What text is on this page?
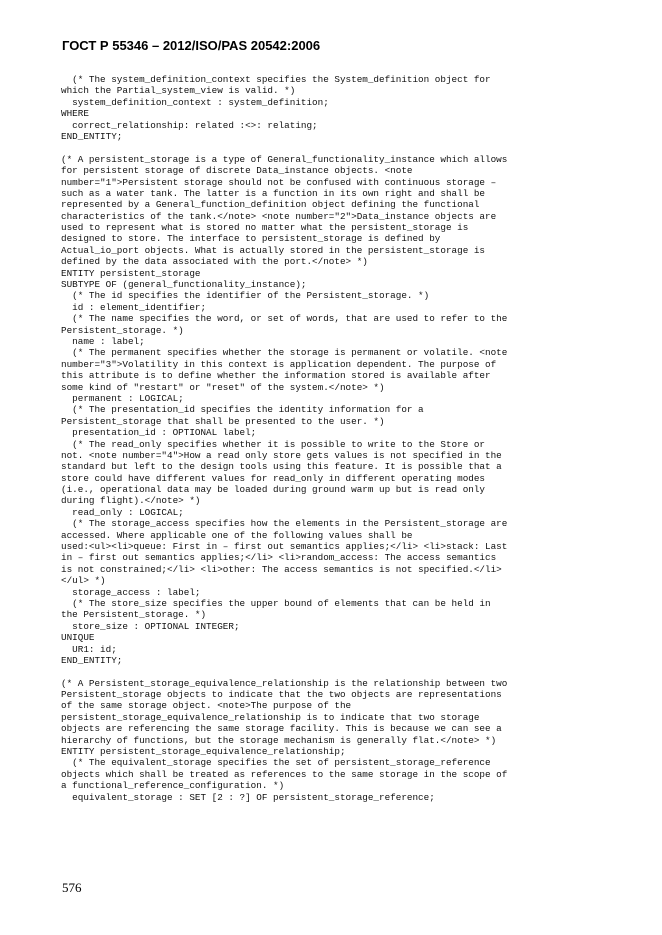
ГОСТ Р 55346 – 2012/ISO/PAS 20542:2006
(* The system_definition_context specifies the System_definition object for
which the Partial_system_view is valid. *)
system_definition_context : system_definition;
WHERE
correct_relationship: related :<>: relating;
END_ENTITY;
(* A persistent_storage is a type of General_functionality_instance which allows
for persistent storage of discrete Data_instance objects. <note
number="1">Persistent storage should not be confused with continuous storage –
such as a water tank. The latter is a function in its own right and shall be
represented by a General_function_definition object defining the functional
characteristics of the tank.</note> <note number="2">Data_instance objects are
used to represent what is stored no matter what the persistent_storage is
designed to store. The interface to persistent_storage is defined by
Actual_io_port objects. What is actually stored in the persistent_storage is
defined by the data associated with the port.</note> *)
ENTITY persistent_storage
SUBTYPE OF (general_functionality_instance);
(* The id specifies the identifier of the Persistent_storage. *)
id : element_identifier;
(* The name specifies the word, or set of words, that are used to refer to the
Persistent_storage. *)
name : label;
(* The permanent specifies whether the storage is permanent or volatile. <note
number="3">Volatility in this context is application dependent. The purpose of
this attribute is to define whether the information stored is available after
some kind of "restart" or "reset" of the system.</note> *)
permanent : LOGICAL;
(* The presentation_id specifies the identity information for a
Persistent_storage that shall be presented to the user. *)
presentation_id : OPTIONAL label;
(* The read_only specifies whether it is possible to write to the Store or
not. <note number="4">How a read only store gets values is not specified in the
standard but left to the design tools using this feature. It is possible that a
store could have different values for read_only in different operating modes
(i.e., operational data may be loaded during ground warm up but is read only
during flight).</note> *)
read_only : LOGICAL;
(* The storage_access specifies how the elements in the Persistent_storage are
accessed. Where applicable one of the following values shall be
used:<ul><li>queue: First in – first out semantics applies;</li> <li>stack: Last
in – first out semantics applies;</li> <li>random_access: The access semantics
is not constrained;</li> <li>other: The access semantics is not specified.</li>
</ul> *)
storage_access : label;
(* The store_size specifies the upper bound of elements that can be held in
the Persistent_storage. *)
store_size : OPTIONAL INTEGER;
UNIQUE
UR1: id;
END_ENTITY;
(* A Persistent_storage_equivalence_relationship is the relationship between two
Persistent_storage objects to indicate that the two objects are representations
of the same storage object. <note>The purpose of the
persistent_storage_equivalence_relationship is to indicate that two storage
objects are referencing the same storage facility. This is because we can see a
hierarchy of functions, but the storage mechanism is generally flat.</note> *)
ENTITY persistent_storage_equivalence_relationship;
(* The equivalent_storage specifies the set of persistent_storage_reference
objects which shall be treated as references to the same storage in the scope of
a functional_reference_configuration. *)
equivalent_storage : SET [2 : ?] OF persistent_storage_reference;
576
